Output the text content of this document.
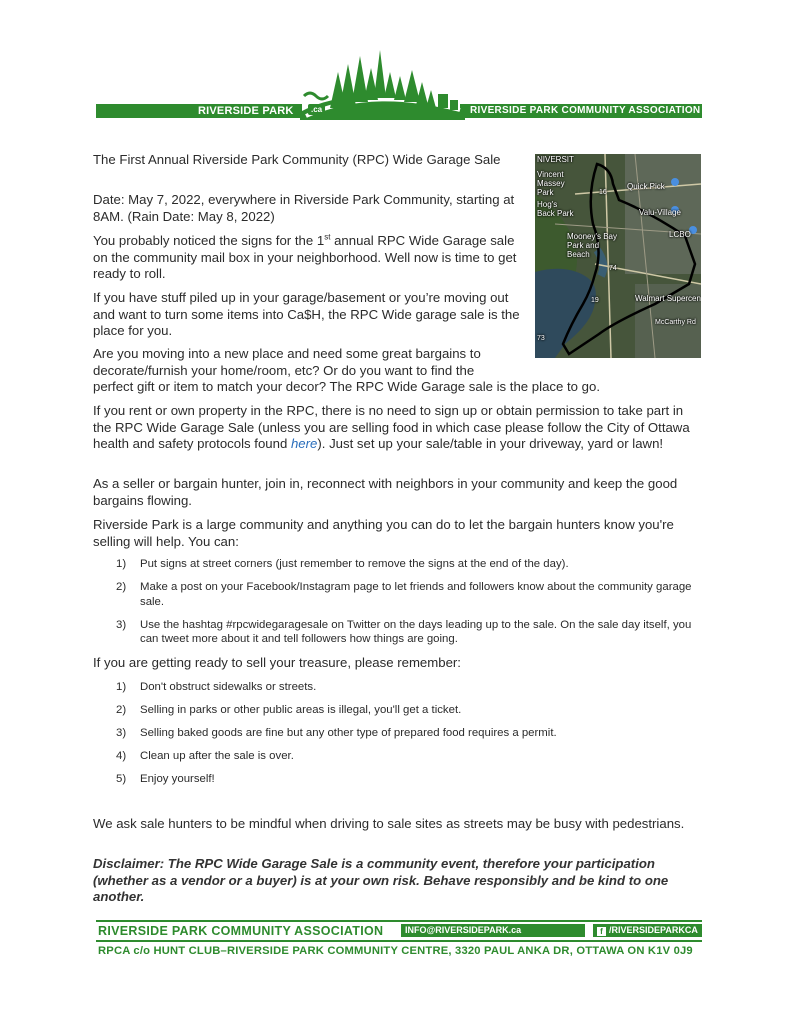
RIVERSIDE PARK	RIVERSIDE PARK COMMUNITY ASSOCIATION
.ca
NIVERSIT
Vincent Massey Park
Quick Pick
Hog's Back Park	Valu-Village
Mooney's Bay Park and Beach
LCBO
Walmart Supercen
McCarthy Rd
16
73
74
19

The First Annual Riverside Park Community (RPC) Wide Garage Sale

Date: May 7, 2022, everywhere in Riverside Park Community, starting at 8AM. (Rain Date: May 8, 2022)

You probably noticed the signs for the 1st annual RPC Wide Garage sale on the community mail box in your neighborhood. Well now is time to get ready to roll.

If you have stuff piled up in your garage/basement or you’re moving out and want to turn some items into Ca$H, the RPC Wide garage sale is the place for you.

Are you moving into a new place and need some great bargains to
decorate/furnish your home/room, etc? Or do you want to find the
perfect gift or item to match your decor? The RPC Wide Garage sale is the place to go.

If you rent or own property in the RPC, there is no need to sign up or obtain permission to take part in the RPC Wide Garage Sale (unless you are selling food in which case please follow the City of Ottawa health and safety protocols found here). Just set up your sale/table in your driveway, yard or lawn!

As a seller or bargain hunter, join in, reconnect with neighbors in your community and keep the good bargains flowing.

Riverside Park is a large community and anything you can do to let the bargain hunters know you're selling will help. You can:

1) Put signs at street corners (just remember to remove the signs at the end of the day).
2) Make a post on your Facebook/Instagram page to let friends and followers know about the community garage sale.
3) Use the hashtag #rpcwidegaragesale on Twitter on the days leading up to the sale. On the sale day itself, you can tweet more about it and tell followers how things are going.

If you are getting ready to sell your treasure, please remember:

1) Don't obstruct sidewalks or streets.
2) Selling in parks or other public areas is illegal, you'll get a ticket.
3) Selling baked goods are fine but any other type of prepared food requires a permit.
4) Clean up after the sale is over.
5) Enjoy yourself!

We ask sale hunters to be mindful when driving to sale sites as streets may be busy with pedestrians.

Disclaimer: The RPC Wide Garage Sale is a community event, therefore your participation (whether as a vendor or a buyer) is at your own risk. Behave responsibly and be kind to one another.

RIVERSIDE PARK COMMUNITY ASSOCIATION	INFO@RIVERSIDEPARK.ca	f /RIVERSIDEPARKCA
RPCA c/o HUNT CLUB–RIVERSIDE PARK COMMUNITY CENTRE, 3320 PAUL ANKA DR, OTTAWA ON K1V 0J9
